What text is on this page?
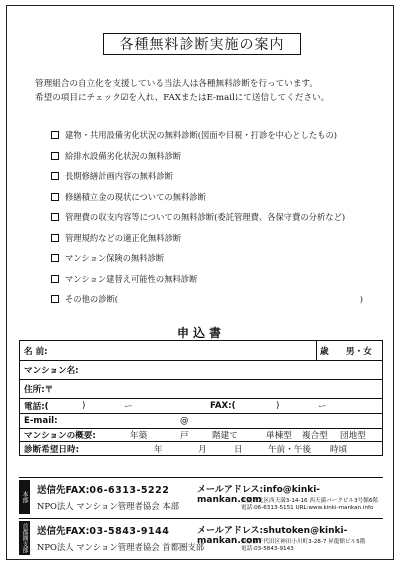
各種無料診断実施の案内
管理組合の自立化を支援している当法人は各種無料診断を行っています。
希望の項目にチェック☑を入れ、FAXまたはE-mailにて送信してください。
建物・共用設備劣化状況の無料診断(図面や目視・打診を中心としたもの)
給排水設備劣化状況の無料診断
長期修繕計画内容の無料診断
修繕積立金の現状についての無料診断
管理費の収支内容等についての無料診断(委託管理費、各保守費の分析など)
管理規約などの適正化無料診断
マンション保険の無料診断
マンション建替え可能性の無料診断
その他の診断(	)
申込書
名 前:	歳 男・女
マンション名:
住所:〒
電話:(	)	ー	FAX:(	)	ー
E-mail:	@
マンションの概要:	年築	戸	階建て	単棟型 複合型 団地型
診断希望日時:	年	月	日	午前・午後 時頃
本部
送信先FAX:06-6313-5222	メールアドレス:info@kinki-mankan.com
NPO法人 マンション管理者協会 本部	大阪市北区西天満3-14-16 西天満パークビル3号館6階
電話:06-6313-5151 URL:www.kinki-mankan.info
首都圏支部 送信先FAX:03-5843-9144	メールアドレス:shutoken@kinki-mankan.com
NPO法人 マンション管理者協会 首都圏支部	東京都千代田区神田小川町3-28-7 昇龍館ビル5階
電話:03-5843-9143
